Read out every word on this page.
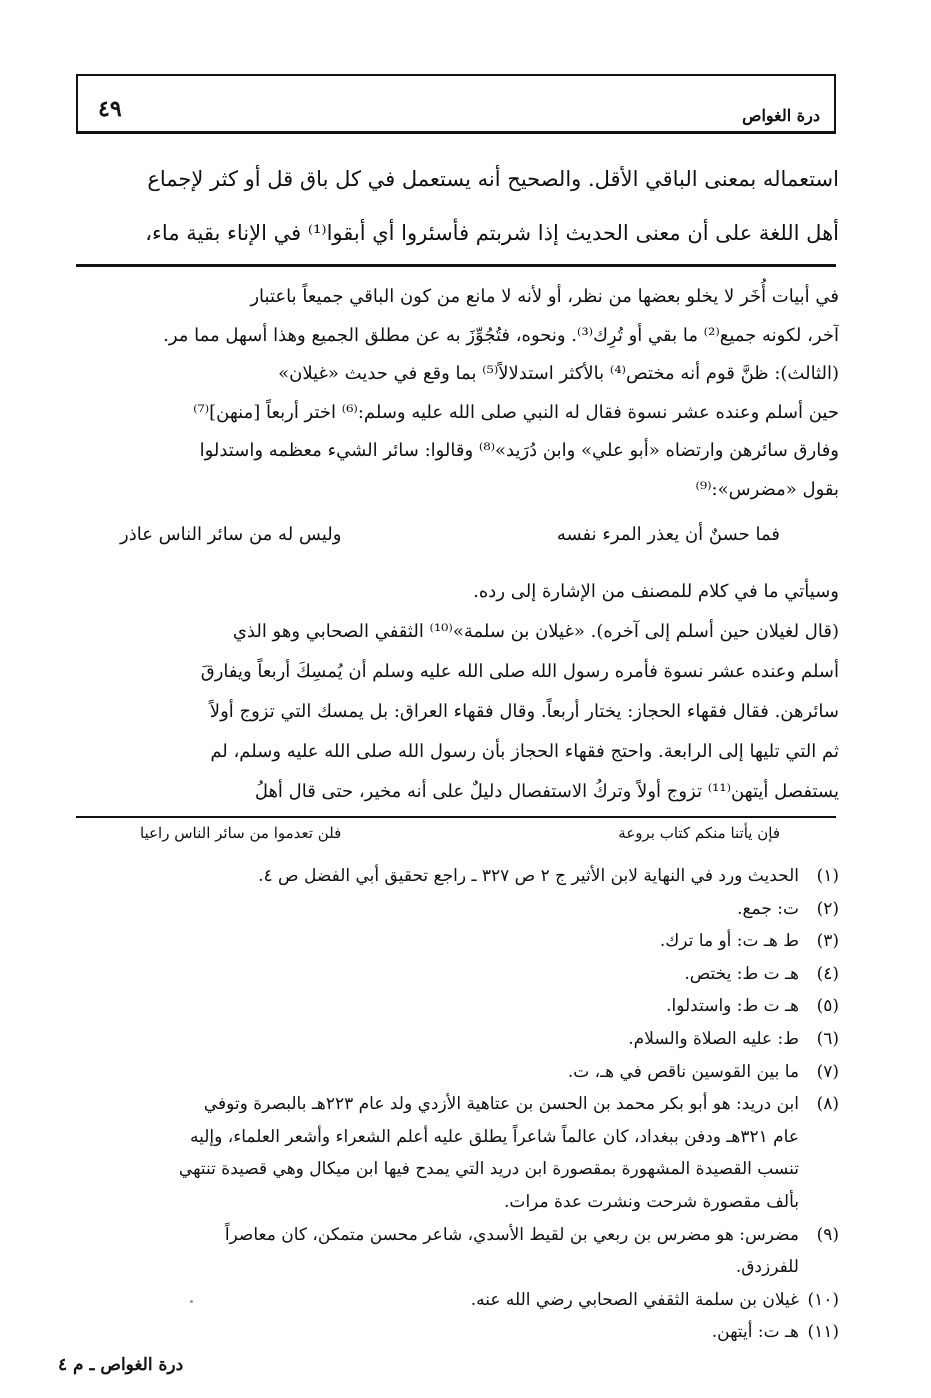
درة الغواص
٤٩
استعماله بمعنى الباقي الأقل. والصحيح أنه يستعمل في كل باق قل أو كثر لإجماع
أهل اللغة على أن معنى الحديث إذا شربتم فأسئروا أي أبقوا⁽¹⁾ في الإناء بقية ماء،
في أبيات أُخَر لا يخلو بعضها من نظر، أو لأنه لا مانع من كون الباقي جميعاً باعتبار
آخر، لكونه جميع⁽²⁾ ما بقي أو تُرِك⁽³⁾. ونحوه، فتُجُوِّزَ به عن مطلق الجميع وهذا أسهل مما مر.
(الثالث): ظنَّ قوم أنه مختص⁽⁴⁾ بالأكثر استدلالاً⁽⁵⁾ بما وقع في حديث «غيلان»
حين أسلم وعنده عشر نسوة فقال له النبي صلى الله عليه وسلم:⁽⁶⁾ اختر أربعاً [منهن]⁽⁷⁾
وفارق سائرهن وارتضاه «أبو علي» وابن دُرَيد»⁽⁸⁾ وقالوا: سائر الشيء معظمه واستدلوا
بقول «مضرس»:⁽⁹⁾
فما حسنٌ أن يعذر المرء نفسه
وليس له من سائر الناس عاذر
وسيأتي ما في كلام للمصنف من الإشارة إلى رده.
(قال لغيلان حين أسلم إلى آخره). «غيلان بن سلمة»⁽¹⁰⁾ الثقفي الصحابي وهو الذي
أسلم وعنده عشر نسوة فأمره رسول الله صلى الله عليه وسلم أن يُمسِكَ أربعاً ويفارقَ
سائرهن. فقال فقهاء الحجاز: يختار أربعاً. وقال فقهاء العراق: بل يمسك التي تزوج أولاً
ثم التي تليها إلى الرابعة. واحتج فقهاء الحجاز بأن رسول الله صلى الله عليه وسلم، لم
يستفصل أيتهن⁽¹¹⁾ تزوج أولاً وتركُ الاستفصال دليلٌ على أنه مخير، حتى قال أهلُ
فإن يأتنا منكم كتاب بروعة
فلن تعدموا من سائر الناس راعيا
(١)
الحديث ورد في النهاية لابن الأثير ج ٢ ص ٣٢٧ ـ راجع تحقيق أبي الفضل ص ٤.
(٢)
ت: جمع.
(٣)
ط هـ ت: أو ما ترك.
(٤)
هـ ت ط: يختص.
(٥)
هـ ت ط: واستدلوا.
(٦)
ط: عليه الصلاة والسلام.
(٧)
ما بين القوسين ناقص في هـ، ت.
(٨)
ابن دريد: هو أبو بكر محمد بن الحسن بن عتاهية الأزدي ولد عام ٢٢٣هـ بالبصرة وتوفي
عام ٣٢١هـ ودفن ببغداد، كان عالماً شاعراً يطلق عليه أعلم الشعراء وأشعر العلماء، وإليه
تنسب القصيدة المشهورة بمقصورة ابن دريد التي يمدح فيها ابن ميكال وهي قصيدة تنتهي
بألف مقصورة شرحت ونشرت عدة مرات.
(٩)
مضرس: هو مضرس بن ربعي بن لقيط الأسدي، شاعر محسن متمكن، كان معاصراً
للفرزدق.
(١٠)
غيلان بن سلمة الثقفي الصحابي رضي الله عنه.
(١١)
هـ ت: أيتهن.
درة الغواص ـ م ٤
